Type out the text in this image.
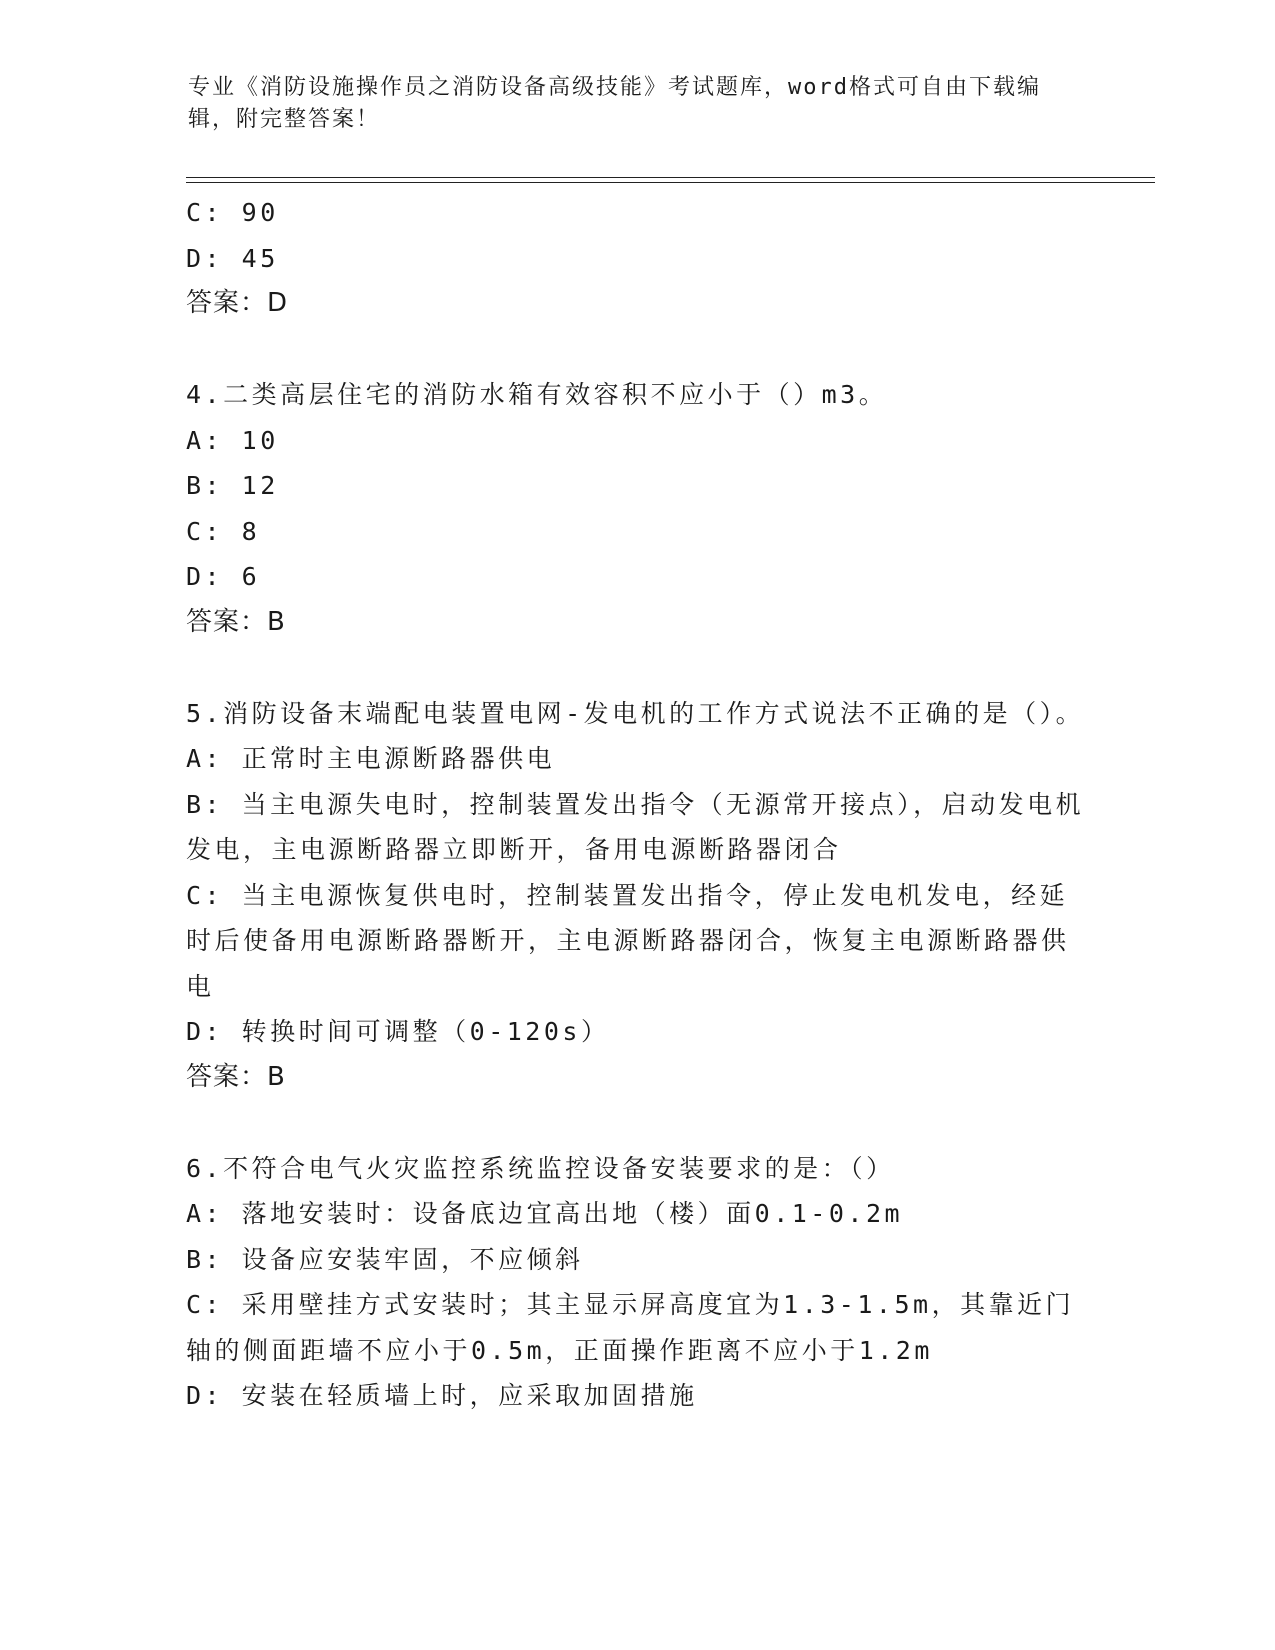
专业《消防设施操作员之消防设备高级技能》考试题库，word格式可自由下载编辑，附完整答案！
C: 90
D: 45
答案：D
4.二类高层住宅的消防水箱有效容积不应小于（）m3。
A: 10
B: 12
C: 8
D: 6
答案：B
5.消防设备末端配电装置电网-发电机的工作方式说法不正确的是（）。
A: 正常时主电源断路器供电
B: 当主电源失电时，控制装置发出指令（无源常开接点），启动发电机发电，主电源断路器立即断开，备用电源断路器闭合
C: 当主电源恢复供电时，控制装置发出指令，停止发电机发电，经延时后使备用电源断路器断开，主电源断路器闭合，恢复主电源断路器供电
D: 转换时间可调整（0-120s）
答案：B
6.不符合电气火灾监控系统监控设备安装要求的是：（）
A: 落地安装时：设备底边宜高出地（楼）面0.1-0.2m
B: 设备应安装牢固，不应倾斜
C: 采用壁挂方式安装时；其主显示屏高度宜为1.3-1.5m，其靠近门轴的侧面距墙不应小于0.5m，正面操作距离不应小于1.2m
D: 安装在轻质墙上时，应采取加固措施
